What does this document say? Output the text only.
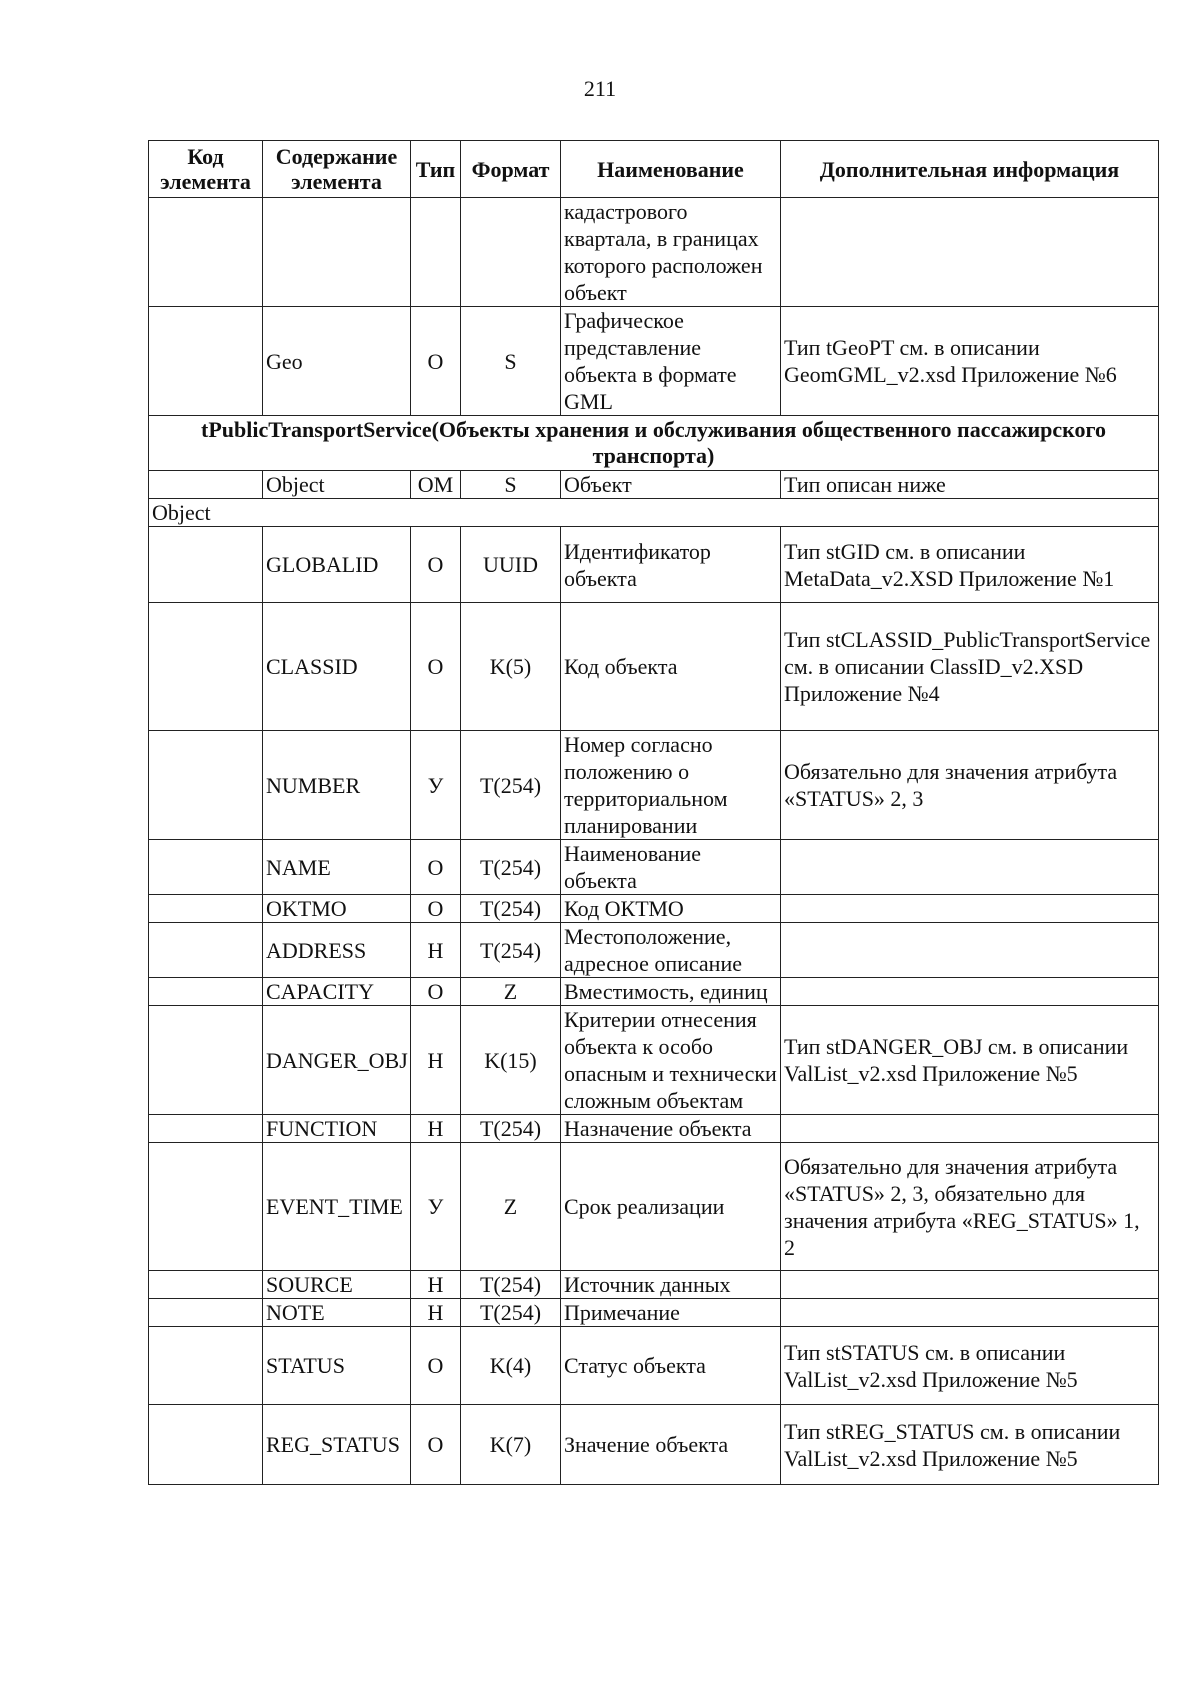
211
Код элемента	Содержание элемента	Тип	Формат	Наименование	Дополнительная информация
				кадастрового квартала, в границах которого расположен объект	
	Geo	О	S	Графическое представление объекта в формате GML	Тип tGeoPT см. в описании GeomGML_v2.xsd Приложение №6
tPublicTransportService(Объекты хранения и обслуживания общественного пассажирского транспорта)					
	Object	ОМ	S	Объект	Тип описан ниже
Object					
	GLOBALID	О	UUID	Идентификатор объекта	Тип stGID см. в описании MetaData_v2.XSD Приложение №1
	CLASSID	О	K(5)	Код объекта	Тип stCLASSID_PublicTransportService см. в описании ClassID_v2.XSD Приложение №4
	NUMBER	У	T(254)	Номер согласно положению о территориальном планировании	Обязательно для значения атрибута «STATUS» 2, 3
	NAME	О	T(254)	Наименование объекта	
	OKTMO	О	T(254)	Код ОКТМО	
	ADDRESS	Н	T(254)	Местоположение, адресное описание	
	CAPACITY	О	Z	Вместимость, единиц	
	DANGER_OBJ	Н	K(15)	Критерии отнесения объекта к особо опасным и технически сложным объектам	Тип stDANGER_OBJ см. в описании ValList_v2.xsd Приложение №5
	FUNCTION	Н	T(254)	Назначение объекта	
	EVENT_TIME	У	Z	Срок реализации	Обязательно для значения атрибута «STATUS» 2, 3, обязательно для значения атрибута «REG_STATUS» 1, 2
	SOURCE	Н	T(254)	Источник данных	
	NOTE	Н	T(254)	Примечание	
	STATUS	О	K(4)	Статус объекта	Тип stSTATUS см. в описании ValList_v2.xsd Приложение №5
	REG_STATUS	О	K(7)	Значение объекта	Тип stREG_STATUS см. в описании ValList_v2.xsd Приложение №5
